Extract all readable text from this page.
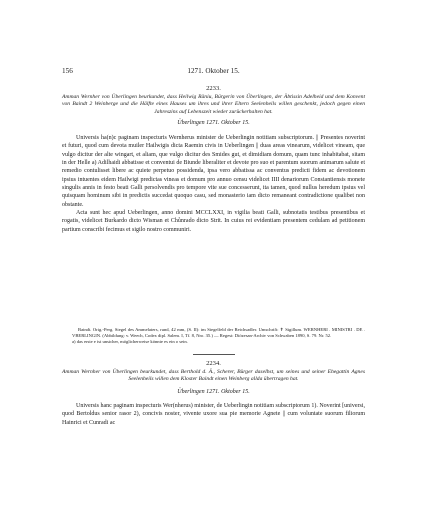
156	1271. Oktober 15.
2233.
Amman Wernher von Überlingen beurkundet, dass Heilwig Räniu, Bürgerin von Überlingen, der Äbtissin Adelheid und dem Konvent von Baindt 2 Weinberge und die Hälfte eines Hauses um ihres und ihrer Eltern Seelenheils willen geschenkt, jedoch gegen einen Jahreszins auf Lebenszeit wieder zurückerhalten hat.
Überlingen 1271. Oktober 15.

Universis ha(n)c paginam inspecturis Wernherus minister de Ueberlingin notitiam subscriptorum. || Presentes noverint et futuri, quod cum devota muiler Hailwigis dicta Raemin civis in Ueberlingen || duas areas vinearum, videlicet vineam, que vulgo dicitur der alte wingart, et aliam, que vulgo dicitur des Smides gut, et dimidiam domum, quam tunc inhabitabat, sitam in der Helle a) Adilhaidi abbatisse et conventui de Biunde liberaliter et devote pro suo et parentum suorum animarum salute et remedio contulisset libere ac quiete perpetuo possidenda, ipsa vero abbatissa ac conventus predicti fidem ac devotionem ipsius intuentes eidem Hailwigi predictas vineas et domum pro annuo censu videlicet IIII denariorum Constantiensis monete singulis annis in festo beati Galli persolvendis pro tempore vite sue concesserunt, ita tamen, quod nullus heredum ipsius vel quisquam hominum sibi in predictis succedat quoquo casu, sed monasterio iam dicto remaneant contradictione qualibet non obstante.

Acta sunt hec apud Ueberlingen, anno domini MCCLXXI, in vigilia beati Galli, subnotatis testibus presentibus et rogatis, videlicet Burkardo dicto Wisman et Chůnrado dicto Strit. In cuius rei evidentiam presentem cedulam ad petitionem partium conscribi fecimus et sigilo nostro communiri.

Baindt. Orig.-Perg. Siegel des Ammelaters, rund, 42 mm, (S. II): im Siegelfeld der Reichsadler. Umschrift: ✝ Sigillum. WERNHERI . MINISTRI . DE . VBERLINGIN. (Abbildung: v. Weech, Codex dipl. Salem. I, Tf. 8, Nro. 35.) — Regest: Diözesan-Archiv von Schwaben 1890, S. 79. Nr. 52.

a) das erste e ist unsicher, möglicherweise könnte es ein o sein.

2234.
Amman Wernher von Überlingen beurkundet, dass Berthold d. Ä., Scherer, Bürger daselbst, um seines und seiner Ehegattin Agnes Seelenheils willen dem Kloster Baindt einen Weinberg allda übertragen hat.
Überlingen 1271. Oktober 15.

Universis hanc paginam inspecturis Wer(nherus) minister, de Ueberlingin notitiam subscriptorum 1). Noverint [universi, quod Bertoldus senior rasor 2), concivis noster, vivente uxore sua pie memorie Agnete || cum voluntate suorum filiorum Hainrici et Cunradi ac
